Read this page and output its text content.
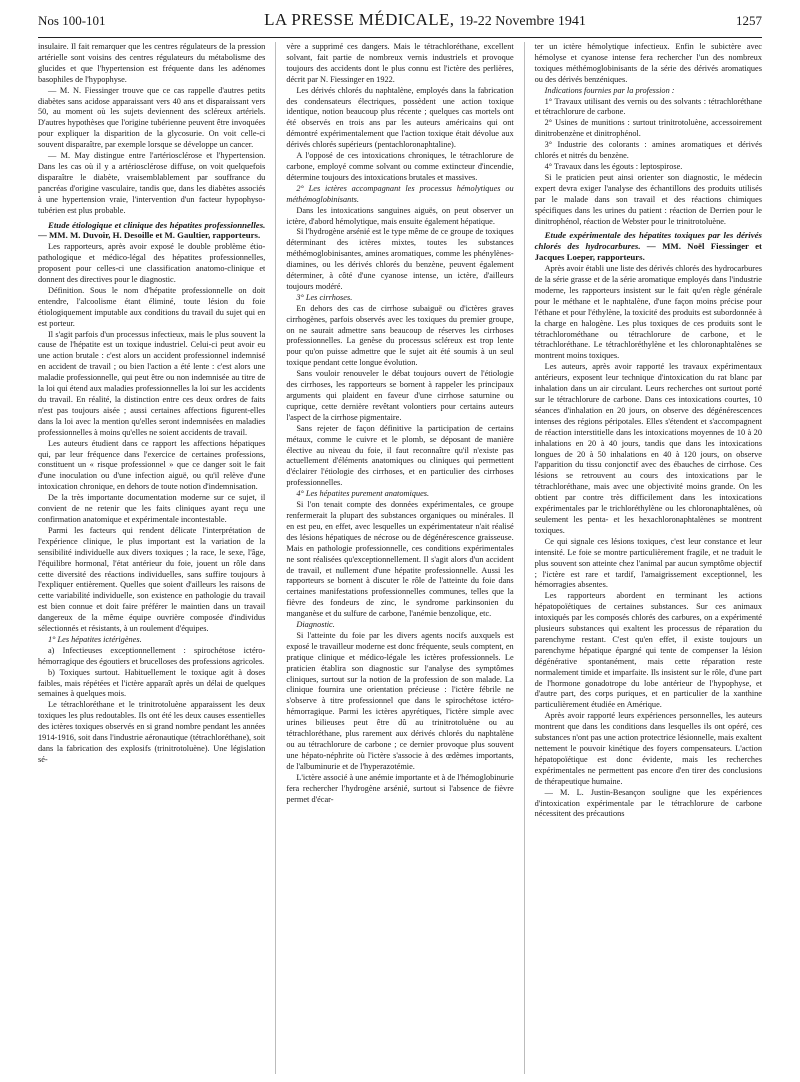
Nos 100-101	LA PRESSE MÉDICALE, 19-22 Novembre 1941	1257

insulaire. Il fait remarquer que les centres régulateurs de la pression artérielle sont voisins des centres régulateurs du métabolisme des glucides et que l'hypertension est fréquente dans les adénomes basophiles de l'hypophyse.

— M. N. Fiessinger trouve que ce cas rappelle d'autres petits diabètes sans acidose apparaissant vers 40 ans et disparaissant vers 50, au moment où les sujets deviennent des scléreux artériels. D'autres hypothèses que l'origine tubérienne peuvent être invoquées pour expliquer la disparition de la glycosurie. On voit celle-ci souvent disparaître, par exemple lorsque se développe un cancer.

— M. May distingue entre l'artériosclérose et l'hypertension. Dans les cas où il y a artériosclérose diffuse, on voit quelquefois disparaître le diabète, vraisemblablement par souffrance du pancréas d'origine vasculaire, tandis que, dans les diabètes associés à une hypertension vraie, l'intervention d'un facteur hypophyso-tubérien est plus probable.

Etude étiologique et clinique des hépatites professionnelles. — MM. M. Duvoir, H. Desoille et M. Gaultier, rapporteurs.

Les rapporteurs, après avoir exposé le double problème étio-pathologique et médico-légal des hépatites professionnelles, proposent pour celles-ci une classification anatomo-clinique et donnent des directives pour le diagnostic.

Définition. Sous le nom d'hépatite professionnelle on doit entendre, l'alcoolisme étant éliminé, toute lésion du foie étiologiquement imputable aux conditions du travail du sujet qui en est porteur.

Il s'agit parfois d'un processus infectieux, mais le plus souvent la cause de l'hépatite est un toxique industriel. Celui-ci peut avoir eu une action brutale : c'est alors un accident professionnel indemnisé en accident de travail ; ou bien l'action a été lente : c'est alors une maladie professionnelle, qui peut être ou non indemnisée au titre de la loi qui étend aux maladies professionnelles la loi sur les accidents du travail. En réalité, la distinction entre ces deux ordres de faits n'est pas toujours aisée ; aussi certaines affections figurent-elles dans la loi avec la mention qu'elles seront indemnisées en maladies professionnelles à moins qu'elles ne soient accidents de travail.

Les auteurs étudient dans ce rapport les affections hépatiques qui, par leur fréquence dans l'exercice de certaines professions, constituent un « risque professionnel » que ce danger soit le fait d'une inoculation ou d'une infection aiguë, ou qu'il relève d'une intoxication chronique, en dehors de toute notion d'indemnisation.

De la très importante documentation moderne sur ce sujet, il convient de ne retenir que les faits cliniques ayant reçu une confirmation anatomique et expérimentale incontestable.

Parmi les facteurs qui rendent délicate l'interprétation de l'expérience clinique, le plus important est la variation de la sensibilité individuelle aux divers toxiques ; la race, le sexe, l'âge, l'équilibre hormonal, l'état antérieur du foie, jouent un rôle dans cette diversité des réactions individuelles, sans suffire toujours à l'expliquer entièrement. Quelles que soient d'ailleurs les raisons de cette variabilité individuelle, son existence en pathologie du travail est bien connue et doit faire préférer le maintien dans un travail dangereux de la même équipe ouvrière composée d'individus sélectionnés et résistants, à un roulement d'équipes.

1° Les hépatites ictérigènes.

a) Infectieuses exceptionnellement : spirochétose ictéro-hémorragique des égoutiers et brucelloses des professions agricoles.

b) Toxiques surtout. Habituellement le toxique agit à doses faibles, mais répétées et l'ictère apparaît après un délai de quelques semaines à quelques mois.

Le tétrachloréthane et le trinitrotoluène apparaissent les deux toxiques les plus redoutables. Ils ont été les deux causes essentielles des ictères toxiques observés en si grand nombre pendant les années 1914-1916, soit dans l'industrie aéronautique (tétrachloréthane), soit dans la fabrication des explosifs (trinitrotoluène). Une législation sé-

vère a supprimé ces dangers. Mais le tétrachloréthane, excellent solvant, fait partie de nombreux vernis industriels et provoque toujours des accidents dont le plus connu est l'ictère des perlières, décrit par N. Fiessinger en 1922.

Les dérivés chlorés du naphtalène, employés dans la fabrication des condensateurs électriques, possèdent une action toxique identique, notion beaucoup plus récente ; quelques cas mortels ont été observés en trois ans par les auteurs américains qui ont démontré expérimentalement que l'action toxique était dévolue aux dérivés chlorés supérieurs (pentachloronaphtaline).

A l'opposé de ces intoxications chroniques, le tétrachlorure de carbone, employé comme solvant ou comme extincteur d'incendie, détermine toujours des intoxications brutales et massives.

2° Les ictères accompagnant les processus hémolytiques ou méthémoglobinisants.

Dans les intoxications sanguines aiguës, on peut observer un ictère, d'abord hémolytique, mais ensuite également hépatique.

Si l'hydrogène arsénié est le type même de ce groupe de toxiques déterminant des ictères mixtes, toutes les substances méthémoglobinisantes, amines aromatiques, comme les phénylènes-diamines, ou les dérivés chlorés du benzène, peuvent également déterminer, à côté d'une cyanose intense, un ictère, d'ailleurs toujours modéré.

3° Les cirrhoses.

En dehors des cas de cirrhose subaiguë ou d'ictères graves cirrhogènes, parfois observés avec les toxiques du premier groupe, on ne saurait admettre sans beaucoup de réserves les cirrhoses professionnelles. La genèse du processus scléreux est trop lente pour qu'on puisse admettre que le sujet ait été soumis à un seul toxique pendant cette longue évolution.

Sans vouloir renouveler le débat toujours ouvert de l'étiologie des cirrhoses, les rapporteurs se bornent à rappeler les principaux arguments qui plaident en faveur d'une cirrhose saturnine ou cuprique, cette dernière revêtant volontiers pour certains auteurs l'aspect de la cirrhose pigmentaire.

Sans rejeter de façon définitive la participation de certains métaux, comme le cuivre et le plomb, se déposant de manière élective au niveau du foie, il faut reconnaître qu'il n'existe pas actuellement d'éléments anatomiques ou cliniques qui permettent d'éclairer l'étiologie des cirrhoses, et en particulier des cirrhoses professionnelles.

4° Les hépatites purement anatomiques.

Si l'on tenait compte des données expérimentales, ce groupe renfermerait la plupart des substances organiques ou minérales. Il en est peu, en effet, avec lesquelles un expérimentateur n'ait réalisé des lésions hépatiques de nécrose ou de dégénérescence graisseuse. Mais en pathologie professionnelle, ces conditions expérimentales ne sont réalisées qu'exceptionnellement. Il s'agit alors d'un accident de travail, et nullement d'une hépatite professionnelle. Aussi les rapporteurs se bornent à discuter le rôle de l'atteinte du foie dans certaines manifestations professionnelles communes, telles que la fièvre des fondeurs de zinc, le syndrome parkinsonien du manganèse et du sulfure de carbone, l'anémie benzolique, etc.

Diagnostic.

Si l'atteinte du foie par les divers agents nocifs auxquels est exposé le travailleur moderne est donc fréquente, seuls comptent, en pratique clinique et médico-légale les ictères professionnels. Le praticien établira son diagnostic sur l'analyse des symptômes cliniques, surtout sur la notion de la profession de son malade. La clinique fournira une orientation précieuse : l'ictère fébrile ne s'observe à titre professionnel que dans le spirochétose ictéro-hémorragique. Parmi les ictères apyrétiques, l'ictère simple avec urines bilieuses peut être dû au trinitrotoluène ou au tétrachloréthane, plus rarement aux dérivés chlorés du naphtalène ou au tétrachlorure de carbone ; ce dernier provoque plus souvent une hépato-néphrite où l'ictère s'associe à des œdèmes importants, de l'albuminurie et de l'hyperazotémie.

L'ictère associé à une anémie importante et à de l'hémoglobinurie fera rechercher l'hydrogène arsénié, surtout si l'absence de fièvre permet d'écar-

ter un ictère hémolytique infectieux. Enfin le subictère avec hémolyse et cyanose intense fera rechercher l'un des nombreux toxiques méthémoglobinisants de la série des dérivés aromatiques ou des dérivés benzéniques.

Indications fournies par la profession :

1° Travaux utilisant des vernis ou des solvants : tétrachloréthane et tétrachlorure de carbone.

2° Usines de munitions : surtout trinitrotoluène, accessoirement dinitrobenzène et dinitrophénol.

3° Industrie des colorants : amines aromatiques et dérivés chlorés et nitrés du benzène.

4° Travaux dans les égouts : leptospirose.

Si le praticien peut ainsi orienter son diagnostic, le médecin expert devra exiger l'analyse des échantillons des produits utilisés par le malade dans son travail et des réactions chimiques spécifiques dans les urines du patient : réaction de Derrien pour le dinitrophénol, réaction de Webster pour le trinitrotoluène.

Etude expérimentale des hépatites toxiques par les dérivés chlorés des hydrocarbures. — MM. Noël Fiessinger et Jacques Loeper, rapporteurs.

Après avoir établi une liste des dérivés chlorés des hydrocarbures de la série grasse et de la série aromatique employés dans l'industrie moderne, les rapporteurs insistent sur le fait qu'en règle générale pour le méthane et le naphtalène, d'une façon moins précise pour l'éthane et pour l'éthylène, la toxicité des produits est subordonnée à la charge en halogène. Les plus toxiques de ces produits sont le tétrachlorométhane ou tétrachlorure de carbone, et le tétrachloréthane. Le tétrachloréthylène et les chloronaphtalènes se montrent moins toxiques.

Les auteurs, après avoir rapporté les travaux expérimentaux antérieurs, exposent leur technique d'intoxication du rat blanc par inhalation dans un air circulant. Leurs recherches ont surtout porté sur le tétrachlorure de carbone. Dans ces intoxications courtes, 10 séances d'inhalation en 20 jours, on observe des dégénérescences intenses des régions péripotales. Elles s'étendent et s'accompagnent de réaction interstitielle dans les intoxications moyennes de 10 à 20 inhalations en 20 à 40 jours, tandis que dans les intoxications longues de 20 à 50 inhalations en 40 à 120 jours, on observe l'apparition du tissu conjonctif avec des ébauches de cirrhose. Ces lésions se retrouvent au cours des intoxications par le tétrachloréthane, mais avec une objectivité moins grande. On les obtient par contre très difficilement dans les intoxications expérimentales par le trichloréthylène ou les chloronaphtalènes, où seulement les penta- et les hexachloronaphtalènes se montrent toxiques.

Ce qui signale ces lésions toxiques, c'est leur constance et leur intensité. Le foie se montre particulièrement fragile, et ne traduit le plus souvent son atteinte chez l'animal par aucun symptôme objectif ; l'ictère est rare et tardif, l'amaigrissement exceptionnel, les hémorragies absentes.

Les rapporteurs abordent en terminant les actions hépatopoïétiques de certaines substances. Sur ces animaux intoxiqués par les composés chlorés des carbures, on a expérimenté plusieurs substances qui exaltent les processus de réparation du parenchyme restant. C'est qu'en effet, il existe toujours un parenchyme hépatique épargné qui tente de compenser la lésion dégénérative spontanément, mais cette réparation reste normalement timide et imparfaite. Ils insistent sur le rôle, d'une part de l'hormone gonadotrope du lobe antérieur de l'hypophyse, et d'autre part, des corps puriques, et en particulier de la xanthine particulièrement étudiée en Amérique.

Après avoir rapporté leurs expériences personnelles, les auteurs montrent que dans les conditions dans lesquelles ils ont opéré, ces substances n'ont pas une action protectrice lésionnelle, mais exaltent nettement le pouvoir kinétique des foyers compensateurs. L'action hépatopoïétique est donc évidente, mais les recherches expérimentales ne permettent pas encore d'en tirer des conclusions de thérapeutique humaine.

— M. L. Justin-Besançon souligne que les expériences d'intoxication expérimentale par le tétrachlorure de carbone nécessitent des précautions
